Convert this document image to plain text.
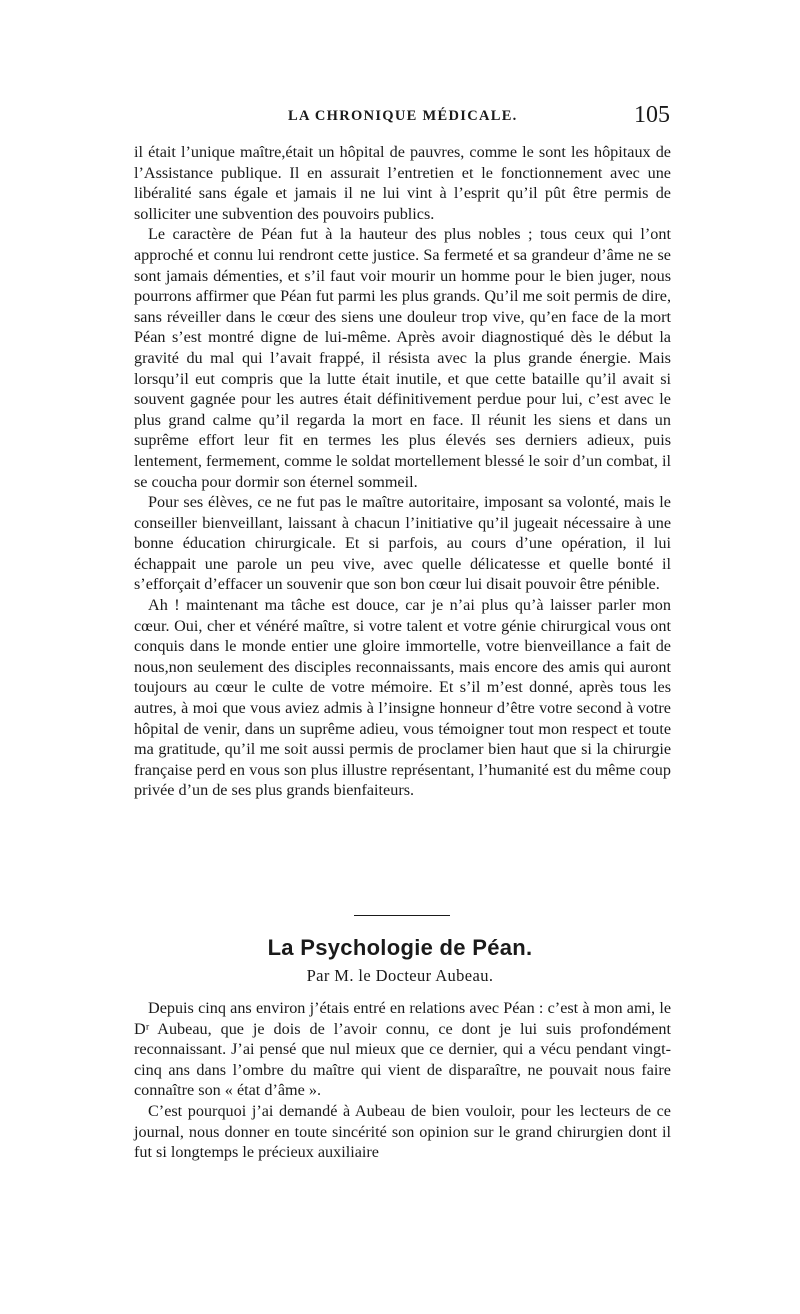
LA CHRONIQUE MÉDICALE.	105

il était l’unique maître,était un hôpital de pauvres, comme le sont les hôpitaux de l’Assistance publique. Il en assurait l’entretien et le fonctionnement avec une libéralité sans égale et jamais il ne lui vint à l’esprit qu’il pût être permis de solliciter une subvention des pouvoirs publics.

Le caractère de Péan fut à la hauteur des plus nobles ; tous ceux qui l’ont approché et connu lui rendront cette justice. Sa fermeté et sa grandeur d’âme ne se sont jamais démenties, et s’il faut voir mourir un homme pour le bien juger, nous pourrons affirmer que Péan fut parmi les plus grands. Qu’il me soit permis de dire, sans réveiller dans le cœur des siens une douleur trop vive, qu’en face de la mort Péan s’est montré digne de lui-même. Après avoir diagnostiqué dès le début la gravité du mal qui l’avait frappé, il résista avec la plus grande énergie. Mais lorsqu’il eut compris que la lutte était inutile, et que cette bataille qu’il avait si souvent gagnée pour les autres était définitivement perdue pour lui, c’est avec le plus grand calme qu’il regarda la mort en face. Il réunit les siens et dans un suprême effort leur fit en termes les plus élevés ses derniers adieux, puis lentement, fermement, comme le soldat mortellement blessé le soir d’un combat, il se coucha pour dormir son éternel sommeil.

Pour ses élèves, ce ne fut pas le maître autoritaire, imposant sa volonté, mais le conseiller bienveillant, laissant à chacun l’initiative qu’il jugeait nécessaire à une bonne éducation chirurgicale. Et si parfois, au cours d’une opération, il lui échappait une parole un peu vive, avec quelle délicatesse et quelle bonté il s’efforçait d’effacer un souvenir que son bon cœur lui disait pouvoir être pénible.

Ah ! maintenant ma tâche est douce, car je n’ai plus qu’à laisser parler mon cœur. Oui, cher et vénéré maître, si votre talent et votre génie chirurgical vous ont conquis dans le monde entier une gloire immortelle, votre bienveillance a fait de nous,non seulement des disciples reconnaissants, mais encore des amis qui auront toujours au cœur le culte de votre mémoire. Et s’il m’est donné, après tous les autres, à moi que vous aviez admis à l’insigne honneur d’être votre second à votre hôpital de venir, dans un suprême adieu, vous témoigner tout mon respect et toute ma gratitude, qu’il me soit aussi permis de proclamer bien haut que si la chirurgie française perd en vous son plus illustre représentant, l’humanité est du même coup privée d’un de ses plus grands bienfaiteurs.

La Psychologie de Péan.
Par M. le Docteur Aubeau.

Depuis cinq ans environ j’étais entré en relations avec Péan : c’est à mon ami, le Dʳ Aubeau, que je dois de l’avoir connu, ce dont je lui suis profondément reconnaissant. J’ai pensé que nul mieux que ce dernier, qui a vécu pendant vingt-cinq ans dans l’ombre du maître qui vient de disparaître, ne pouvait nous faire connaître son « état d’âme ».

C’est pourquoi j’ai demandé à Aubeau de bien vouloir, pour les lecteurs de ce journal, nous donner en toute sincérité son opinion sur le grand chirurgien dont il fut si longtemps le précieux auxiliaire
